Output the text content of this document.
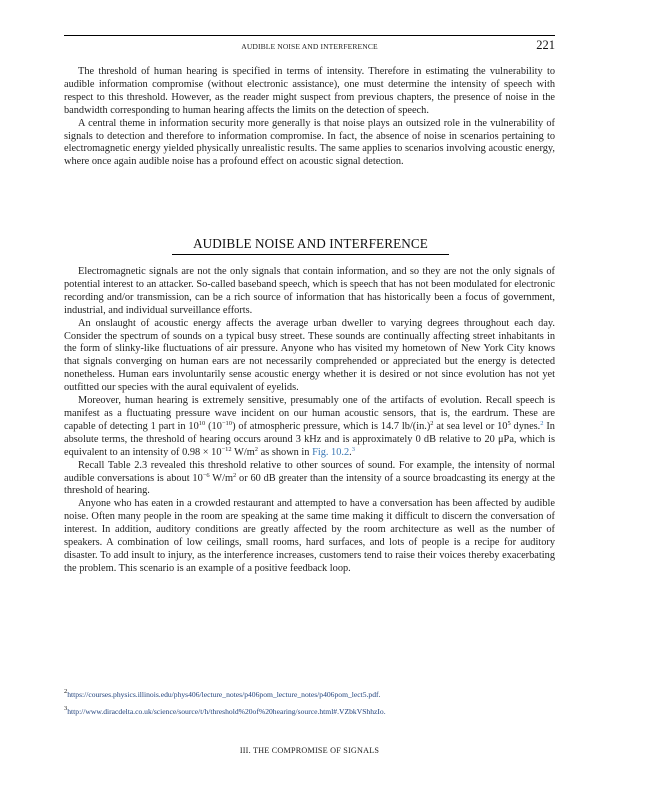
AUDIBLE NOISE AND INTERFERENCE	221

The threshold of human hearing is specified in terms of intensity. Therefore in estimating the vulnerability to audible information compromise (without electronic assistance), one must determine the intensity of speech with respect to this threshold. However, as the reader might suspect from previous chapters, the presence of noise in the bandwidth corresponding to human hearing affects the limits on the detection of speech.

A central theme in information security more generally is that noise plays an outsized role in the vulnerability of signals to detection and therefore to information compromise. In fact, the absence of noise in scenarios pertaining to electromagnetic energy yielded physically unrealistic results. The same applies to scenarios involving acoustic energy, where once again audible noise has a profound effect on acoustic signal detection.

AUDIBLE NOISE AND INTERFERENCE

Electromagnetic signals are not the only signals that contain information, and so they are not the only signals of potential interest to an attacker. So-called baseband speech, which is speech that has not been modulated for electronic recording and/or transmission, can be a rich source of information that has historically been a focus of government, industrial, and individual surveillance efforts.

An onslaught of acoustic energy affects the average urban dweller to varying degrees throughout each day. Consider the spectrum of sounds on a typical busy street. These sounds are continually affecting street inhabitants in the form of slinky-like fluctuations of air pressure. Anyone who has visited my hometown of New York City knows that signals converging on human ears are not necessarily comprehended or appreciated but the energy is detected nonetheless. Human ears involuntarily sense acoustic energy whether it is desired or not since evolution has not yet outfitted our species with the aural equivalent of eyelids.

Moreover, human hearing is extremely sensitive, presumably one of the artifacts of evolution. Recall speech is manifest as a fluctuating pressure wave incident on our human acoustic sensors, that is, the eardrum. These are capable of detecting 1 part in $10^{10}$ $(10^{-10})$ of atmospheric pressure, which is 14.7 $lb/(in.)^2$ at sea level or $10^5$ dynes.$^2$ In absolute terms, the threshold of hearing occurs around 3 kHz and is approximately 0 dB relative to 20 μPa, which is equivalent to an intensity of $0.98 \times 10^{-12}$ $W/m^2$ as shown in Fig. 10.2.$^3$

Recall Table 2.3 revealed this threshold relative to other sources of sound. For example, the intensity of normal audible conversations is about $10^{-6}$ $W/m^2$ or 60 dB greater than the intensity of a source broadcasting its energy at the threshold of hearing.

Anyone who has eaten in a crowded restaurant and attempted to have a conversation has been affected by audible noise. Often many people in the room are speaking at the same time making it difficult to discern the conversation of interest. In addition, auditory conditions are greatly affected by the room architecture as well as the number of speakers. A combination of low ceilings, small rooms, hard surfaces, and lots of people is a recipe for auditory disaster. To add insult to injury, as the interference increases, customers tend to raise their voices thereby exacerbating the problem. This scenario is an example of a positive feedback loop.

$^2$https://courses.physics.illinois.edu/phys406/lecture_notes/p406pom_lecture_notes/p406pom_lect5.pdf.
$^3$http://www.diracdelta.co.uk/science/source/t/h/threshold%20of%20hearing/source.html#.VZbkVShhzIo.
III. THE COMPROMISE OF SIGNALS
